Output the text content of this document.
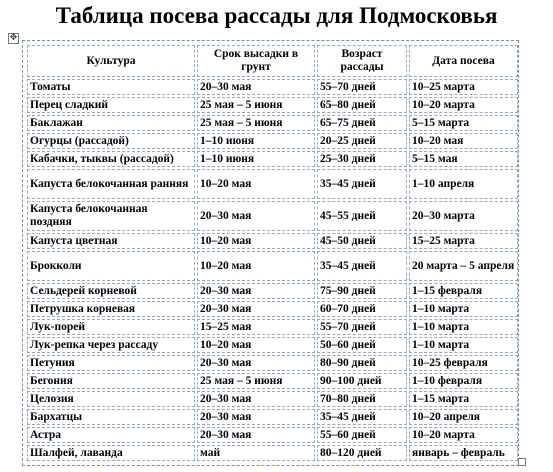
Таблица посева рассады для Подмосковья
✥
Культура	Срок высадки в грунт	Возраст рассады	Дата посева
Томаты	20–30 мая	55–70 дней	10–25 марта
Перец сладкий	25 мая – 5 июня	65–80 дней	10–20 марта
Баклажан	25 мая – 5 июня	65–75 дней	5–15 марта
Огурцы (рассадой)	1–10 июня	20–25 дней	10–20 мая
Кабачки, тыквы (рассадой)	1–10 июня	25–30 дней	5–15 мая
Капуста белокочанная ранняя	10–20 мая	35–45 дней	1–10 апреля
Капуста белокочанная поздняя	20–30 мая	45–55 дней	20–30 марта
Капуста цветная	10–20 мая	45–50 дней	15–25 марта
Брокколи	10–20 мая	35–45 дней	20 марта – 5 апреля
Сельдерей корневой	20–30 мая	75–90 дней	1–15 февраля
Петрушка корневая	20–30 мая	60–70 дней	1–10 марта
Лук-порей	15–25 мая	55–70 дней	1–10 марта
Лук-репка через рассаду	10–20 мая	50–60 дней	1–10 марта
Петуния	20–30 мая	80–90 дней	10–25 февраля
Бегония	25 мая – 5 июня	90–100 дней	1–10 февраля
Целозия	20–30 мая	70–80 дней	1–15 марта
Бархатцы	20–30 мая	35–45 дней	10–20 апреля
Астра	20–30 мая	55–60 дней	10–20 марта
Шалфей, лаванда	май	80–120 дней	январь – февраль
